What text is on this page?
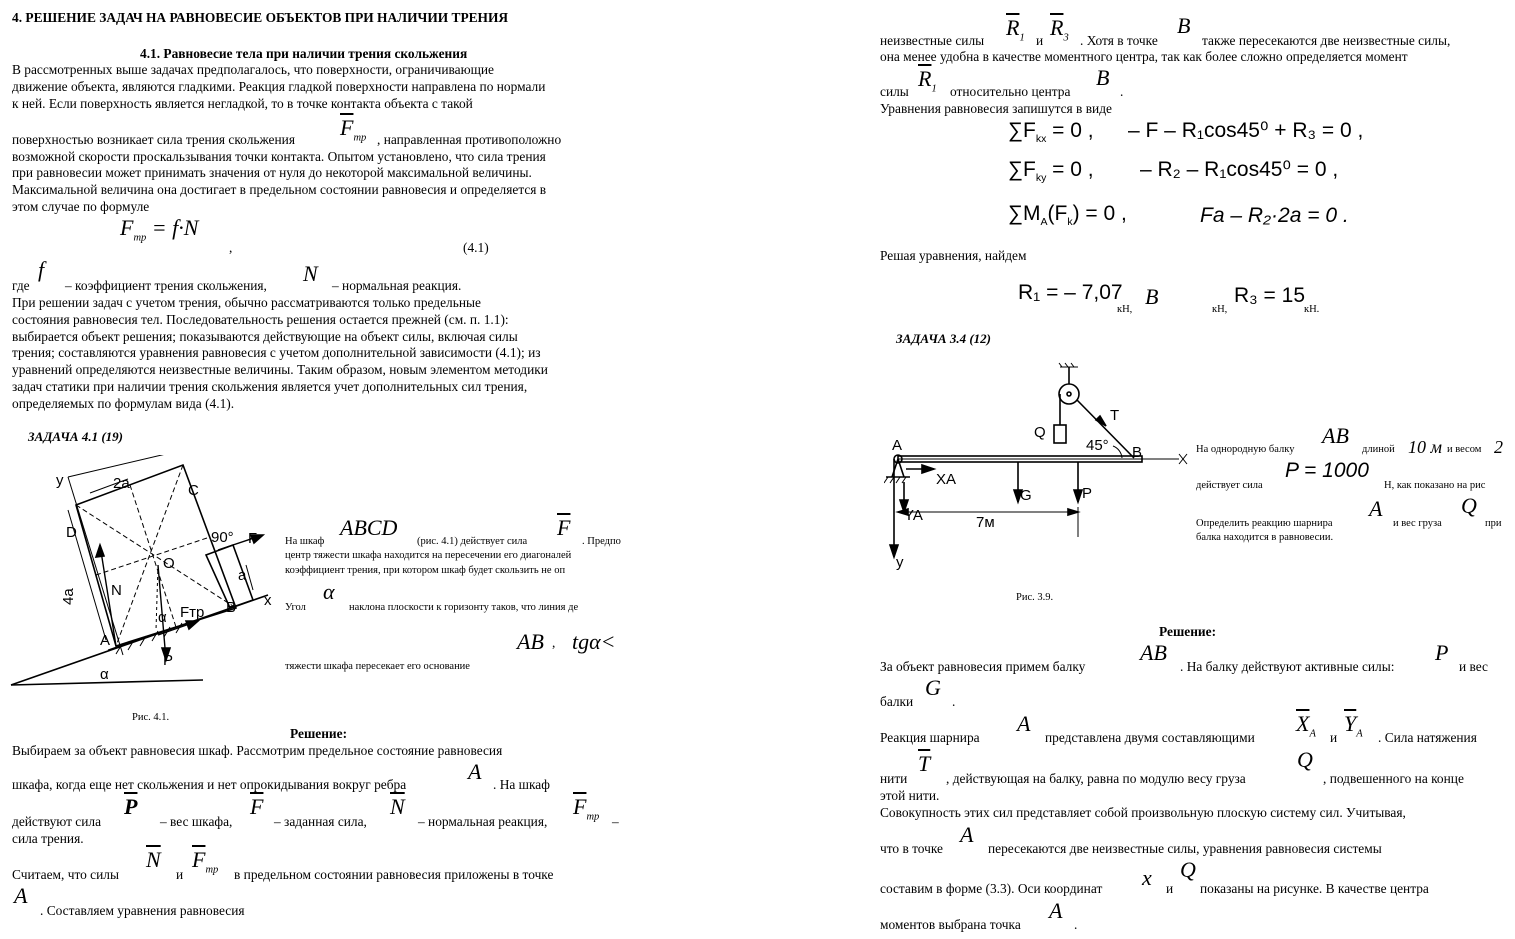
4. РЕШЕНИЕ ЗАДАЧ НА РАВНОВЕСИЕ ОБЪЕКТОВ ПРИ НАЛИЧИИ ТРЕНИЯ
4.1. Равновесие тела при наличии трения скольжения
В рассмотренных выше задачах предполагалось, что поверхности, ограничивающие
движение объекта, являются гладкими. Реакция гладкой поверхности направлена по нормали
к ней. Если поверхность является негладкой, то в точке контакта объекта с такой
поверхностью возникает сила трения скольжения $\overline{F}_{тр}$ , направленная противоположно
возможной скорости проскальзывания точки контакта. Опытом установлено, что сила трения
при равновесии может принимать значения от нуля до некоторой максимальной величины.
Максимальной величина она достигает в предельном состоянии равновесия и определяется в
этом случае по формуле
$F_{тр} = f\cdot N$
,	(4.1)
где
f
– коэффициент трения скольжения, N – нормальная реакция.
При решении задач с учетом трения, обычно рассматриваются только предельные
состояния равновесия тел. Последовательность решения остается прежней (см. п. 1.1):
выбирается объект решения; показываются действующие на объект силы, включая силы
трения; составляются уравнения равновесия с учетом дополнительной зависимости (4.1); из
уравнений определяются неизвестные величины. Таким образом, новым элементом методики
задач статики при наличии трения скольжения является учет дополнительных сил трения,
определяемых по формулам вида (4.1).
ЗАДАЧА 4.1 (19)
y	2a	C
D
O
N
4a
α
A
B
P
x
Fтр
F
90°
a
α
На шкаф
ABCD
(рис. 4.1) действует сила
$\overline{F}$
. Предпо
центр тяжести шкафа находится на пересечении его диагоналей
коэффициент трения, при котором шкаф будет скользить не оп
Угол
α
наклона плоскости к горизонту таков, что линия де
AB , tgα<
тяжести шкафа пересекает его основание
Рис. 4.1.
Решение:
Выбираем за объект равновесия шкаф. Рассмотрим предельное состояние равновесия
шкафа, когда еще нет скольжения и нет опрокидывания вокруг ребра
A
. На шкаф
действуют сила
$\overline{P}$
– вес шкафа,
$\overline{F}$
– заданная сила,
$\overline{N}$
– нормальная реакция,
$\overline{F}_{тр}$ –
сила трения.
Считаем, что силы
$\overline{N}$
и
$\overline{F}_{тр}$ в предельном состоянии равновесия приложены в точке
A
. Составляем уравнения равновесия
неизвестные силы
$\overline{R}_1$ и
$\overline{R}_3$ . Хотя в точке
B
также пересекаются две неизвестные силы,
она менее удобна в качестве моментного центра, так как более сложно определяется момент
силы
$\overline{R}_1$ относительно центра
B
.
Уравнения равновесия запишутся в виде
$\sum F_{kx} = 0$ , – F – R₁cos45⁰ + R₃ = 0 ,
$\sum F_{ky} = 0$ , – R₂ – R₁cos45⁰ = 0 ,
$\sum M_A(F_k) = 0$ ,	Fa – R₂·2a = 0 .
Решая уравнения, найдем
R₁ = – 7,07
кН,
B
кН,
R₃ = 15
кН.
ЗАДАЧА 3.4 (12)
A	B
y
XA
YA
G	P
Q
T
45°
7м
На однородную балку
AB
длиной 10 м и весом 2
действует сила
P = 1000
Н, как показано на рис
Определить реакцию шарнира
A
и вес груза
Q
при
балка находится в равновесии.
Рис. 3.9.
Решение:
За объект равновесия примем балку
AB
. На балку действуют активные силы:
P
и вес
балки
G
.
Реакция шарнира
A
представлена двумя составляющими
$\overline{X}_A$ и
$\overline{Y}_A$ . Сила натяжения
нити
$\overline{T}$
, действующая на балку, равна по модулю весу груза
Q
, подвешенного на конце
этой нити.
Совокупность этих сил представляет собой произвольную плоскую систему сил. Учитывая,
что в точке
A
пересекаются две неизвестные силы, уравнения равновесия системы
составим в форме (3.3). Оси координат x и
Q
показаны на рисунке. В качестве центра
моментов выбрана точка
A
.
